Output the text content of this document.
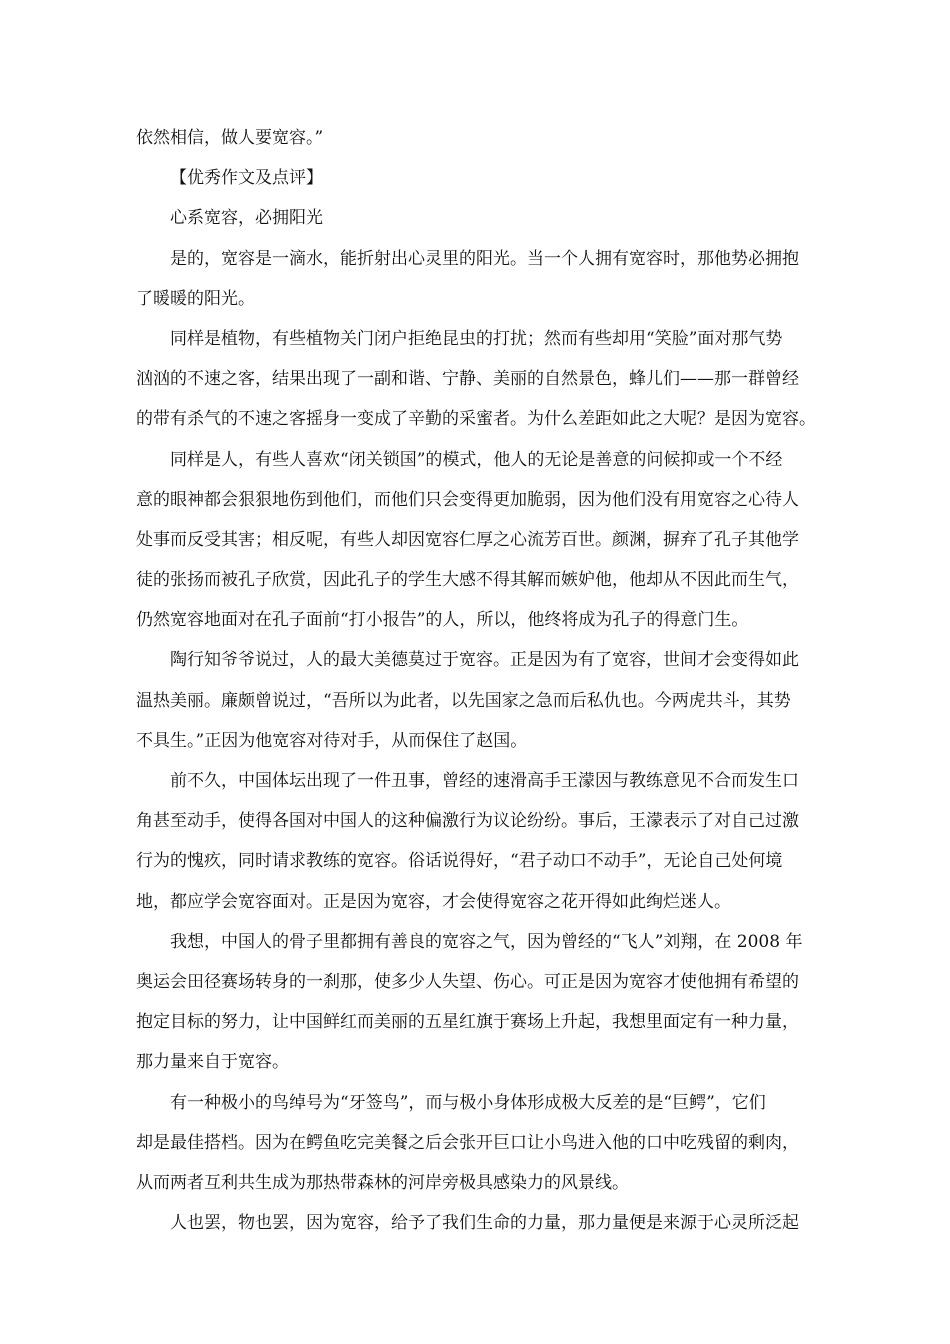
依然相信，做人要宽容。”
【优秀作文及点评】
心系宽容，必拥阳光
是的，宽容是一滴水，能折射出心灵里的阳光。当一个人拥有宽容时，那他势必拥抱
了暖暖的阳光。
同样是植物，有些植物关门闭户拒绝昆虫的打扰；然而有些却用“笑脸”面对那气势
汹汹的不速之客，结果出现了一副和谐、宁静、美丽的自然景色，蜂儿们——那一群曾经
的带有杀气的不速之客摇身一变成了辛勤的采蜜者。为什么差距如此之大呢？是因为宽容。
同样是人，有些人喜欢“闭关锁国”的模式，他人的无论是善意的问候抑或一个不经
意的眼神都会狠狠地伤到他们，而他们只会变得更加脆弱，因为他们没有用宽容之心待人
处事而反受其害；相反呢，有些人却因宽容仁厚之心流芳百世。颜渊，摒弃了孔子其他学
徒的张扬而被孔子欣赏，因此孔子的学生大感不得其解而嫉妒他，他却从不因此而生气，
仍然宽容地面对在孔子面前“打小报告”的人，所以，他终将成为孔子的得意门生。
陶行知爷爷说过，人的最大美德莫过于宽容。正是因为有了宽容，世间才会变得如此
温热美丽。廉颇曾说过，“吾所以为此者，以先国家之急而后私仇也。今两虎共斗，其势
不具生。”正因为他宽容对待对手，从而保住了赵国。
前不久，中国体坛出现了一件丑事，曾经的速滑高手王濛因与教练意见不合而发生口
角甚至动手，使得各国对中国人的这种偏激行为议论纷纷。事后，王濛表示了对自己过激
行为的愧疚，同时请求教练的宽容。俗话说得好，“君子动口不动手”，无论自己处何境
地，都应学会宽容面对。正是因为宽容，才会使得宽容之花开得如此绚烂迷人。
我想，中国人的骨子里都拥有善良的宽容之气，因为曾经的“飞人”刘翔，在 2008 年
奥运会田径赛场转身的一刹那，使多少人失望、伤心。可正是因为宽容才使他拥有希望的
抱定目标的努力，让中国鲜红而美丽的五星红旗于赛场上升起，我想里面定有一种力量，
那力量来自于宽容。
有一种极小的鸟绰号为“牙签鸟”，而与极小身体形成极大反差的是“巨鳄”，它们
却是最佳搭档。因为在鳄鱼吃完美餐之后会张开巨口让小鸟进入他的口中吃残留的剩肉，
从而两者互利共生成为那热带森林的河岸旁极具感染力的风景线。
人也罢，物也罢，因为宽容，给予了我们生命的力量，那力量便是来源于心灵所泛起
